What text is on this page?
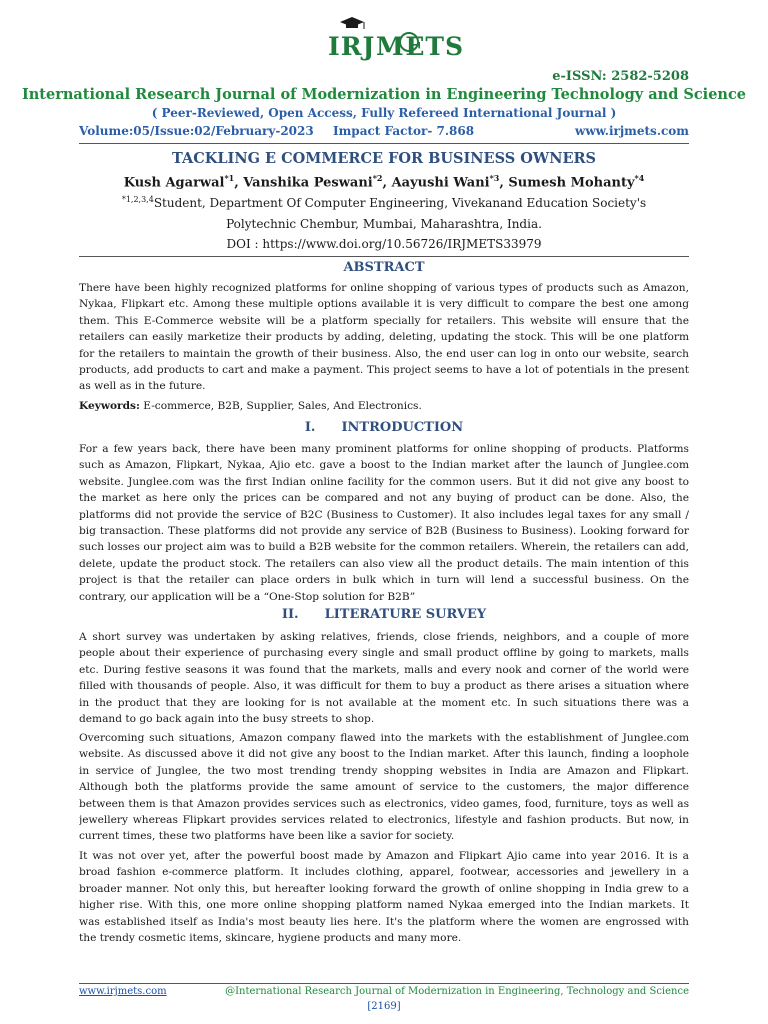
IRJMETS
e-ISSN: 2582-5208
International Research Journal of Modernization in Engineering Technology and Science
( Peer-Reviewed, Open Access, Fully Refereed International Journal )
Volume:05/Issue:02/February-2023 Impact Factor- 7.868	www.irjmets.com
TACKLING E COMMERCE FOR BUSINESS OWNERS
Kush Agarwal$^{*1}$, Vanshika Peswani$^{*2}$, Aayushi Wani$^{*3}$, Sumesh Mohanty$^{*4}$
$^{*1,2,3,4}$Student, Department Of Computer Engineering, Vivekanand Education Society's
Polytechnic Chembur, Mumbai, Maharashtra, India.
DOI : https://www.doi.org/10.56726/IRJMETS33979
ABSTRACT
There have been highly recognized platforms for online shopping of various types of products such as Amazon,
Nykaa, Flipkart etc. Among these multiple options available it is very difficult to compare the best one among
them. This E-Commerce website will be a platform specially for retailers. This website will ensure that the
retailers can easily marketize their products by adding, deleting, updating the stock. This will be one platform
for the retailers to maintain the growth of their business. Also, the end user can log in onto our website, search
products, add products to cart and make a payment. This project seems to have a lot of potentials in the present
as well as in the future.
Keywords: E-commerce, B2B, Supplier, Sales, And Electronics.
I. INTRODUCTION
For a few years back, there have been many prominent platforms for online shopping of products. Platforms
such as Amazon, Flipkart, Nykaa, Ajio etc. gave a boost to the Indian market after the launch of Junglee.com
website. Junglee.com was the first Indian online facility for the common users. But it did not give any boost to
the market as here only the prices can be compared and not any buying of product can be done. Also, the
platforms did not provide the service of B2C (Business to Customer). It also includes legal taxes for any small /
big transaction. These platforms did not provide any service of B2B (Business to Business). Looking forward for
such losses our project aim was to build a B2B website for the common retailers. Wherein, the retailers can add,
delete, update the product stock. The retailers can also view all the product details. The main intention of this
project is that the retailer can place orders in bulk which in turn will lend a successful business. On the
contrary, our application will be a “One-Stop solution for B2B”
II. LITERATURE SURVEY
A short survey was undertaken by asking relatives, friends, close friends, neighbors, and a couple of more
people about their experience of purchasing every single and small product offline by going to markets, malls
etc. During festive seasons it was found that the markets, malls and every nook and corner of the world were
filled with thousands of people. Also, it was difficult for them to buy a product as there arises a situation where
in the product that they are looking for is not available at the moment etc. In such situations there was a
demand to go back again into the busy streets to shop.
Overcoming such situations, Amazon company flawed into the markets with the establishment of Junglee.com
website. As discussed above it did not give any boost to the Indian market. After this launch, finding a loophole
in service of Junglee, the two most trending trendy shopping websites in India are Amazon and Flipkart.
Although both the platforms provide the same amount of service to the customers, the major difference
between them is that Amazon provides services such as electronics, video games, food, furniture, toys as well as
jewellery whereas Flipkart provides services related to electronics, lifestyle and fashion products. But now, in
current times, these two platforms have been like a savior for society.
It was not over yet, after the powerful boost made by Amazon and Flipkart Ajio came into year 2016. It is a
broad fashion e-commerce platform. It includes clothing, apparel, footwear, accessories and jewellery in a
broader manner. Not only this, but hereafter looking forward the growth of online shopping in India grew to a
higher rise. With this, one more online shopping platform named Nykaa emerged into the Indian markets. It
was established itself as India's most beauty lies here. It's the platform where the women are engrossed with
the trendy cosmetic items, skincare, hygiene products and many more.
www.irjmets.com	@International Research Journal of Modernization in Engineering, Technology and Science
[2169]
